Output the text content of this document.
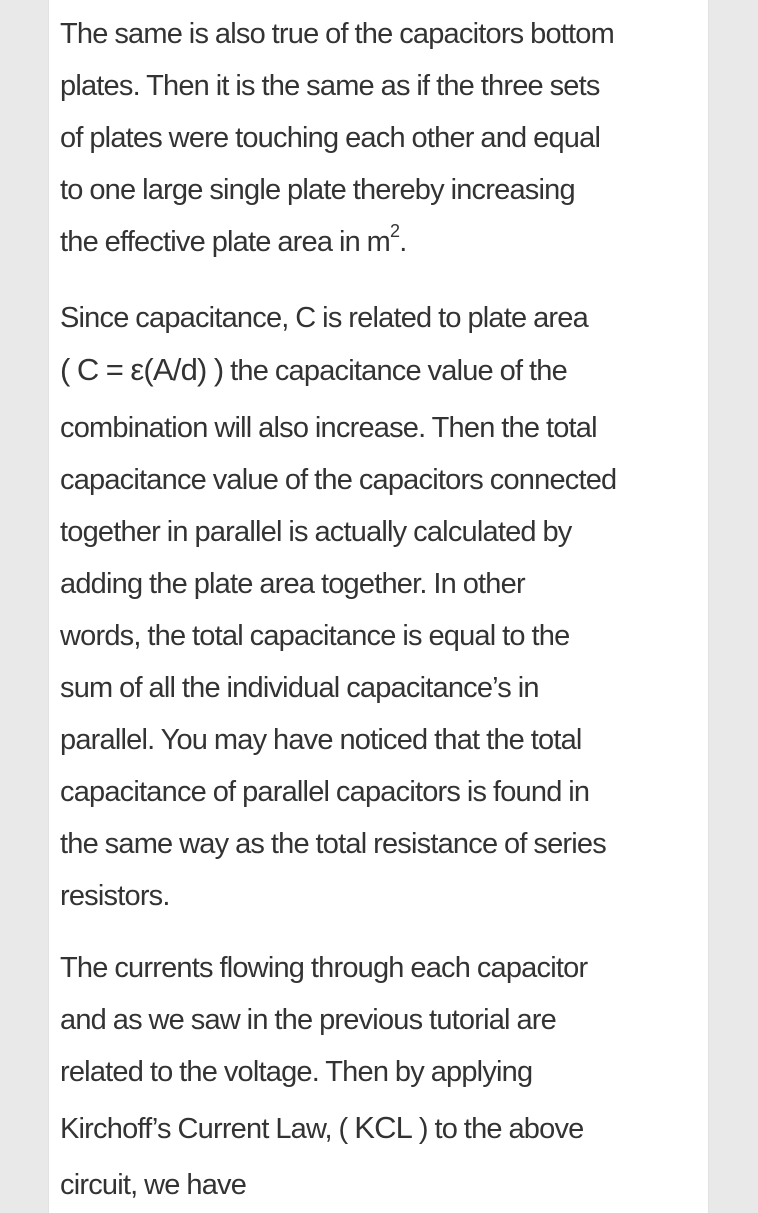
The same is also true of the capacitors bottom
plates. Then it is the same as if the three sets
of plates were touching each other and equal
to one large single plate thereby increasing
the effective plate area in $m^2$.

Since capacitance, C is related to plate area
( C = ε(A/d) ) the capacitance value of the
combination will also increase. Then the total
capacitance value of the capacitors connected
together in parallel is actually calculated by
adding the plate area together. In other
words, the total capacitance is equal to the
sum of all the individual capacitance’s in
parallel. You may have noticed that the total
capacitance of parallel capacitors is found in
the same way as the total resistance of series
resistors.

The currents flowing through each capacitor
and as we saw in the previous tutorial are
related to the voltage. Then by applying
Kirchoff’s Current Law, ( KCL ) to the above
circuit, we have
